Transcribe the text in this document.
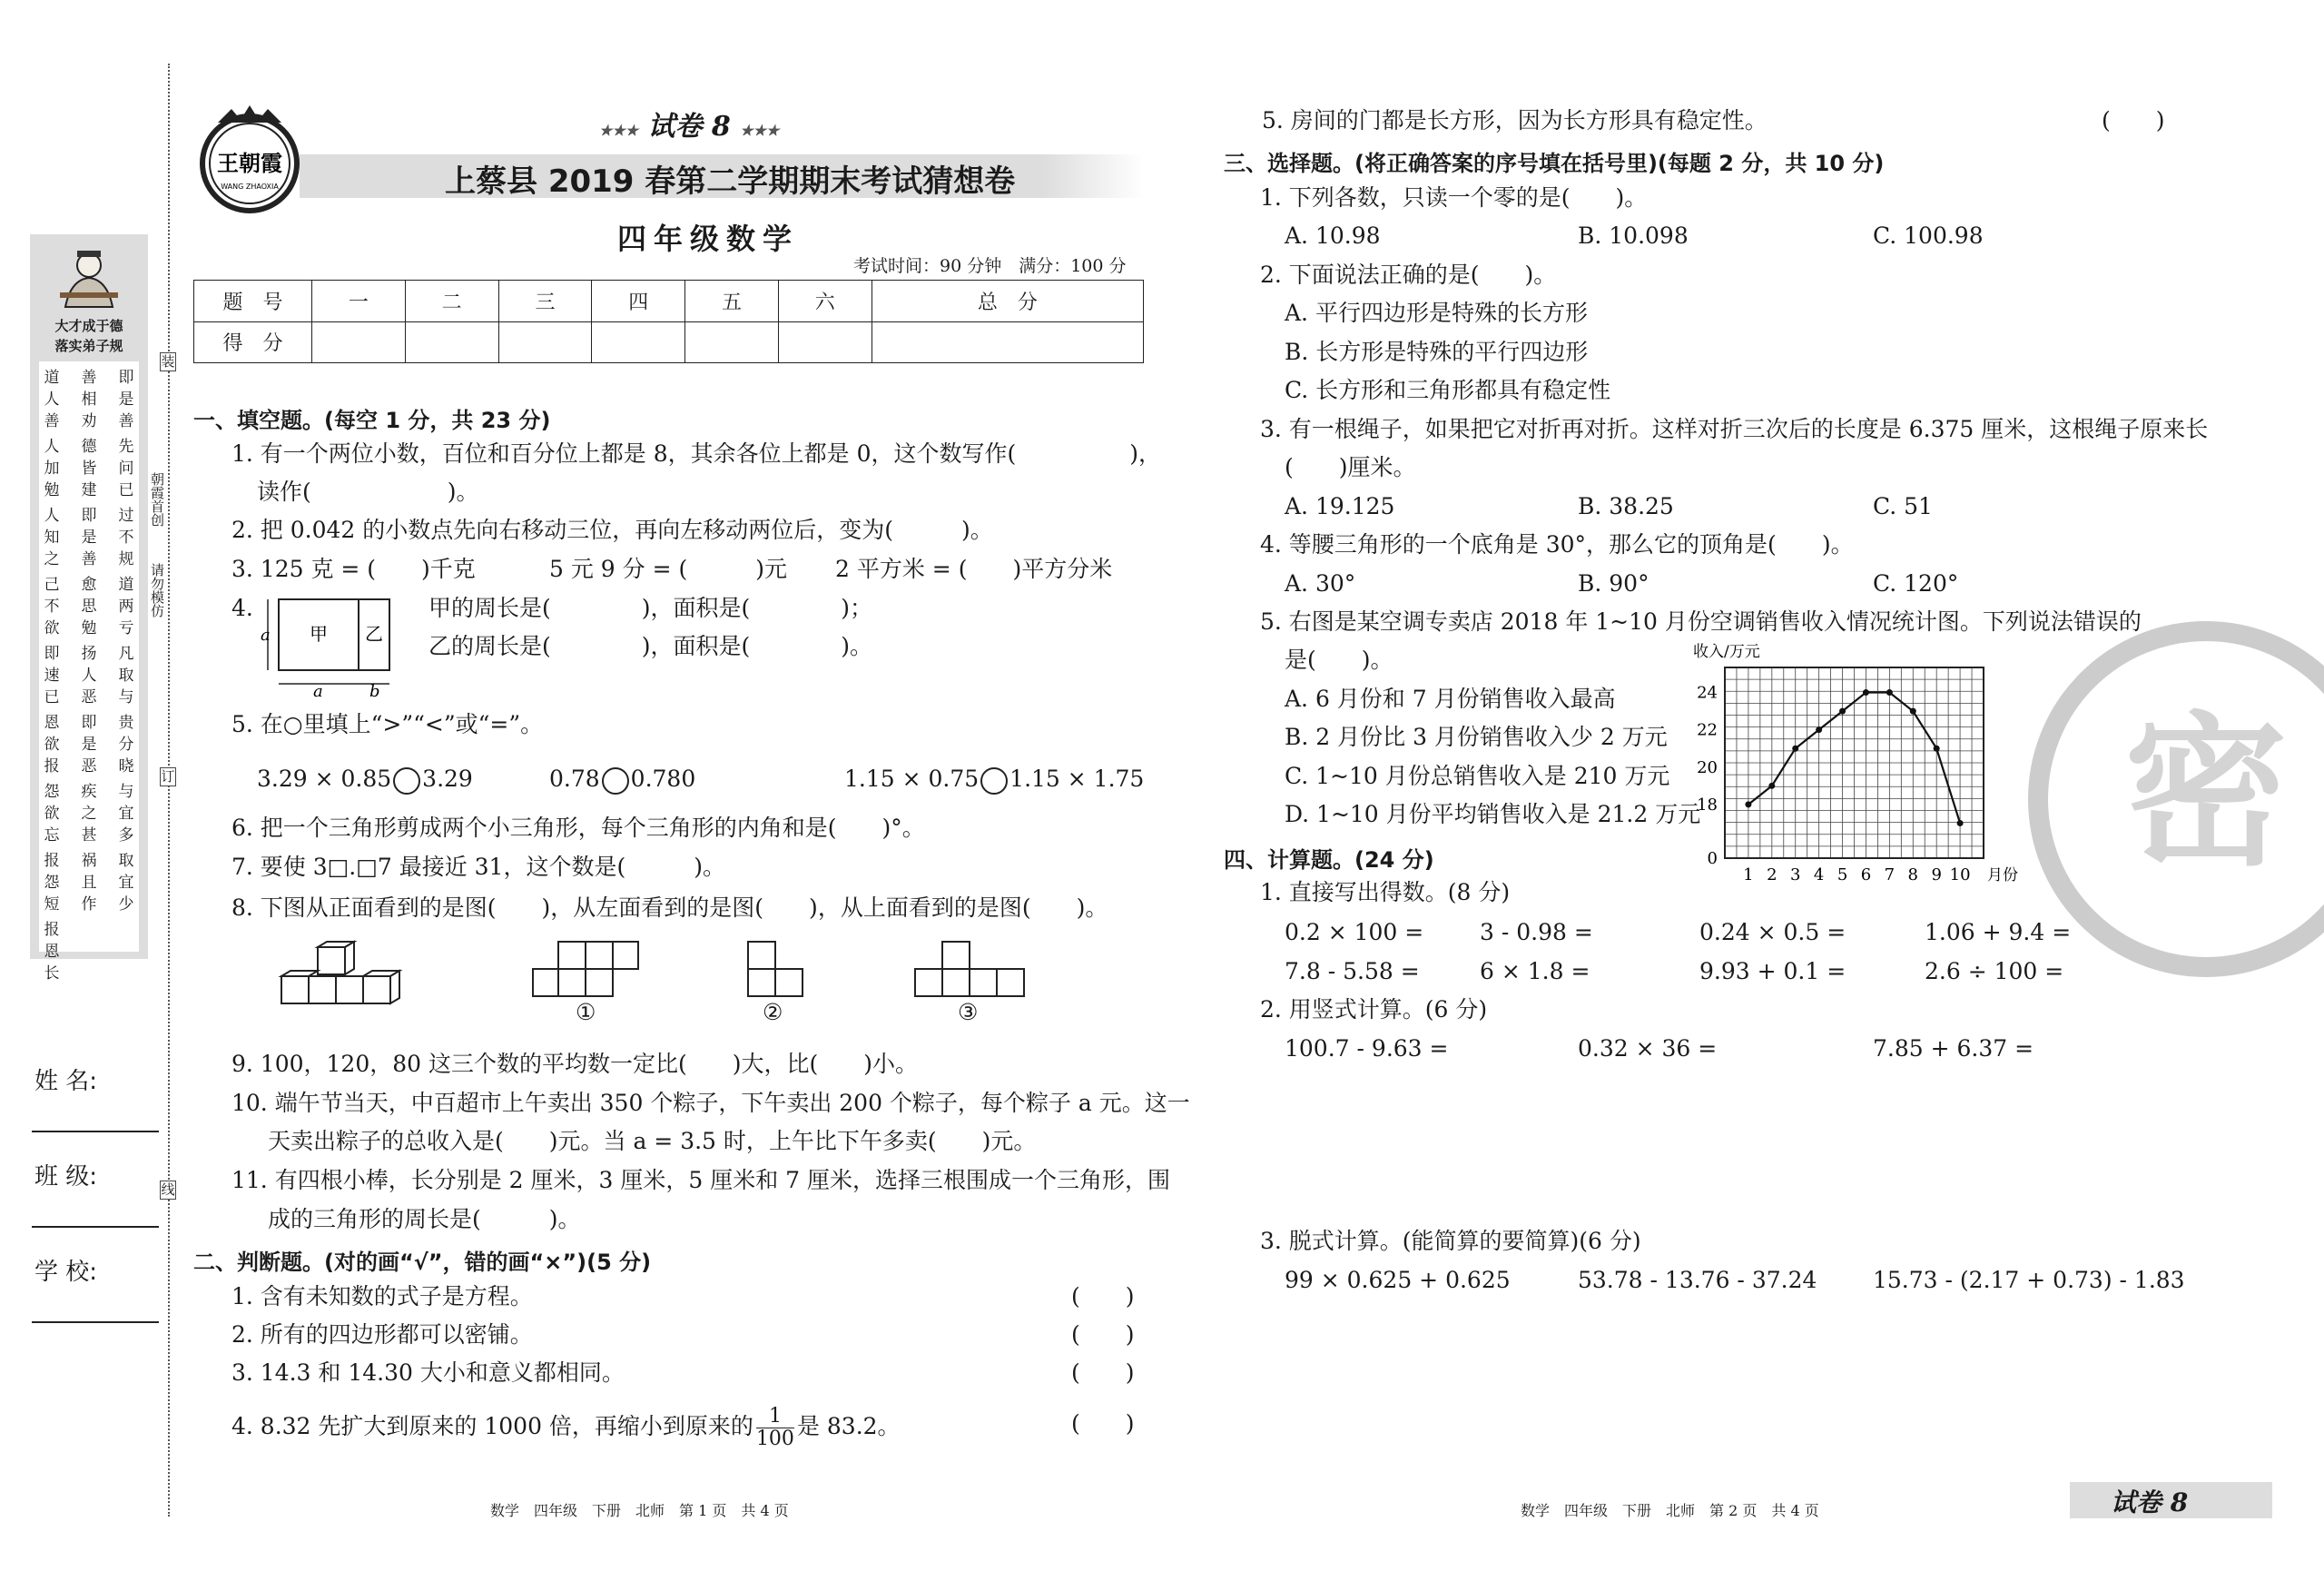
大才成于德
落实弟子规
道
人
善
善
相
劝
即
是
善
人
加
勉
德
皆
建
先
问
已
人
知
之
即
是
善
过
不
规
己
不
欲
愈
思
勉
道
两
亏
即
速
已
扬
人
恶
凡
取
与
恩
欲
报
即
是
恶
贵
分
晓
怨
欲
忘
疾
之
甚
与
宜
多
报
怨
短
祸
且
作
取
宜
少
报
恩
长
装
订
线
朝霞首创
请勿模仿
姓 名:
班 级:
学 校:
王朝霞
WANG ZHAOXIA
★★★ 试卷 8 ★★★
上蔡县 2019 春第二学期期末考试猜想卷
四年级数学
考试时间：90 分钟　满分：100 分
题　号	一	二	三	四	五	六	总　分
得　分							
一、填空题。(每空 1 分，共 23 分)
1. 有一个两位小数，百位和百分位上都是 8，其余各位上都是 0，这个数写作(　　　　　)，
读作(　　　　　　)。
2. 把 0.042 的小数点先向右移动三位，再向左移动两位后，变为(　　　)。
3. 125 克 = (　　)千克	5 元 9 分 = (　　　)元 2 平方米 = (　　)平方分米
4.
甲 乙
a
a	b
甲的周长是(　　　　)，面积是(　　　　)；
乙的周长是(　　　　)，面积是(　　　　)。
5. 在○里填上“>”“<”或“=”。
3.29 × 0.85 3.29	0.78 0.780	1.15 × 0.75 1.15 × 1.75
6. 把一个三角形剪成两个小三角形，每个三角形的内角和是(　　)°。
7. 要使 3□.□7 最接近 31，这个数是(　　　)。
8. 下图从正面看到的是图(　　)，从左面看到的是图(　　)，从上面看到的是图(　　)。
①	②	③
9. 100，120，80 这三个数的平均数一定比(　　)大，比(　　)小。
10. 端午节当天，中百超市上午卖出 350 个粽子，下午卖出 200 个粽子，每个粽子 a 元。这一
天卖出粽子的总收入是(　　)元。当 a = 3.5 时，上午比下午多卖(　　)元。
11. 有四根小棒，长分别是 2 厘米，3 厘米，5 厘米和 7 厘米，选择三根围成一个三角形，围
成的三角形的周长是(　　　)。
二、判断题。(对的画“√”，错的画“×”)(5 分)
1. 含有未知数的式子是方程。	(　　)
2. 所有的四边形都可以密铺。	(　　)
3. 14.3 和 14.30 大小和意义都相同。	(　　)
4. 8.32 先扩大到原来的 1000 倍，再缩小到原来的 $\frac{1}{100}$ 是 83.2。	(　　)
数学　四年级　下册　北师　第 1 页　共 4 页
密
5. 房间的门都是长方形，因为长方形具有稳定性。	(　　)
三、选择题。(将正确答案的序号填在括号里)(每题 2 分，共 10 分)
1. 下列各数，只读一个零的是(　　)。
A. 10.98	B. 10.098	C. 100.98
2. 下面说法正确的是(　　)。
A. 平行四边形是特殊的长方形
B. 长方形是特殊的平行四边形
C. 长方形和三角形都具有稳定性
3. 有一根绳子，如果把它对折再对折。这样对折三次后的长度是 6.375 厘米，这根绳子原来长
(　　)厘米。
A. 19.125	B. 38.25	C. 51
4. 等腰三角形的一个底角是 30°，那么它的顶角是(　　)。
A. 30°	B. 90°	C. 120°
5. 右图是某空调专卖店 2018 年 1~10 月份空调销售收入情况统计图。下列说法错误的
是(　　)。
A. 6 月份和 7 月份销售收入最高
B. 2 月份比 3 月份销售收入少 2 万元
C. 1~10 月份总销售收入是 210 万元
D. 1~10 月份平均销售收入是 21.2 万元
0
18
20
22
24
1 2 3 4 5 6 7 8 9 10
收入/万元
月份
四、计算题。(24 分)
1. 直接写出得数。(8 分)
0.2 × 100 = 3 - 0.98 =	0.24 × 0.5 =	1.06 + 9.4 =
7.8 - 5.58 =	6 × 1.8 =	9.93 + 0.1 =	2.6 ÷ 100 =
2. 用竖式计算。(6 分)
100.7 - 9.63 =	0.32 × 36 =	7.85 + 6.37 =
3. 脱式计算。(能简算的要简算)(6 分)
99 × 0.625 + 0.625	53.78 - 13.76 - 37.24 15.73 - (2.17 + 0.73) - 1.83
数学　四年级　下册　北师　第 2 页　共 4 页	试卷 8
